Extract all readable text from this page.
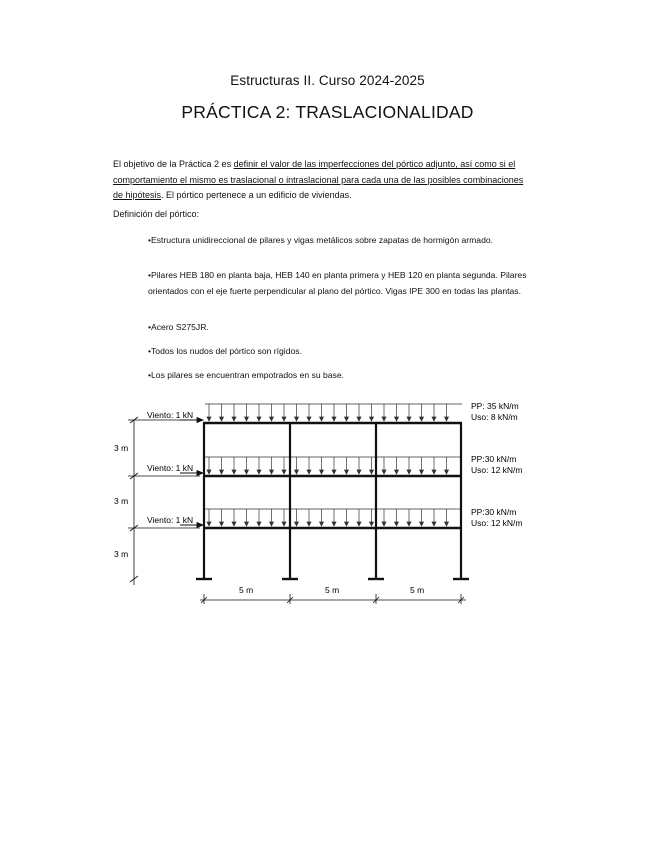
Estructuras II. Curso 2024-2025
PRÁCTICA 2: TRASLACIONALIDAD
El objetivo de la Práctica 2 es definir el valor de las imperfecciones del pórtico adjunto, así como si el comportamiento el mismo es traslacional o intraslacional para cada una de las posibles combinaciones de hipótesis. El pórtico pertenece a un edificio de viviendas.
Definición del pórtico:
•Estructura unidireccional de pilares y vigas metálicos sobre zapatas de hormigón armado.
•Pilares HEB 180 en planta baja, HEB 140 en planta primera y HEB 120 en planta segunda. Pilares orientados con el eje fuerte perpendicular al plano del pórtico. Vigas IPE 300 en todas las plantas.
•Acero S275JR.
•Todos los nudos del pórtico son rígidos.
•Los pilares se encuentran empotrados en su base.
3 m
3 m
3 m
Viento: 1 kN
Viento: 1 kN
Viento: 1 kN
PP: 35 kN/m
Uso: 8 kN/m
PP:30 kN/m
Uso: 12 kN/m
PP:30 kN/m
Uso: 12 kN/m
5 m	5 m	5 m
